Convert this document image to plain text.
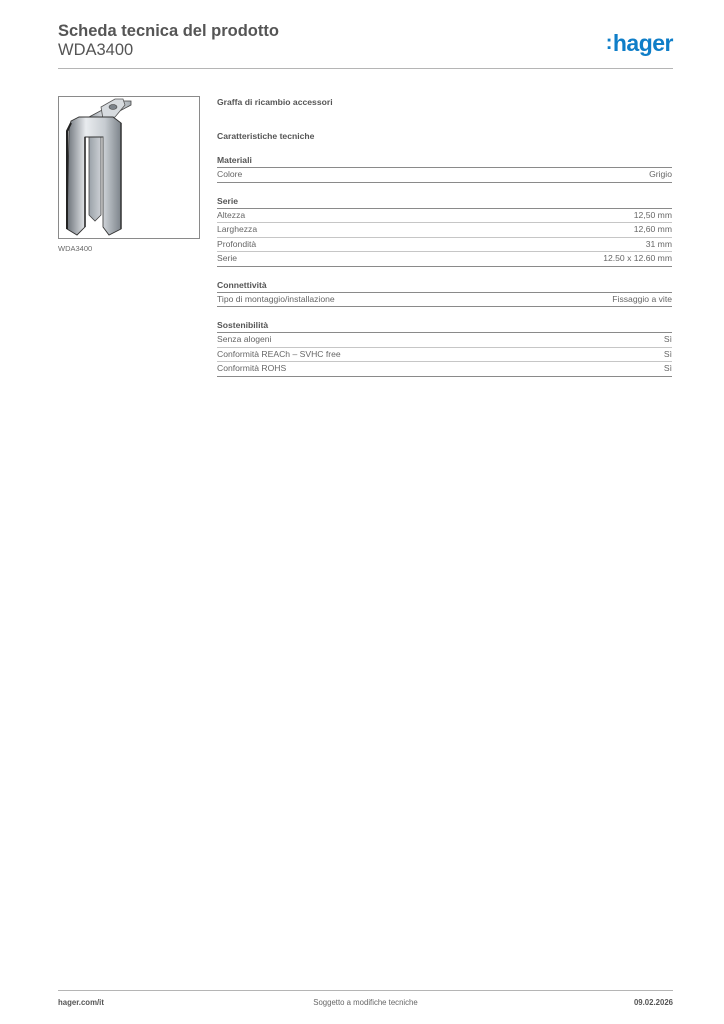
Scheda tecnica del prodotto
WDA3400	:hager
WDA3400
Graffa di ricambio accessori
Caratteristiche tecniche
Materiali
Colore	Grigio
Serie
Altezza	12,50 mm
Larghezza	12,60 mm
Profondità	31 mm
Serie	12.50 x 12.60 mm
Connettività
Tipo di montaggio/installazione	Fissaggio a vite
Sostenibilità
Senza alogeni	Sì
Conformità REACh – SVHC free	Sì
Conformità ROHS	Sì
hager.com/it	Soggetto a modifiche tecniche	09.02.2026
